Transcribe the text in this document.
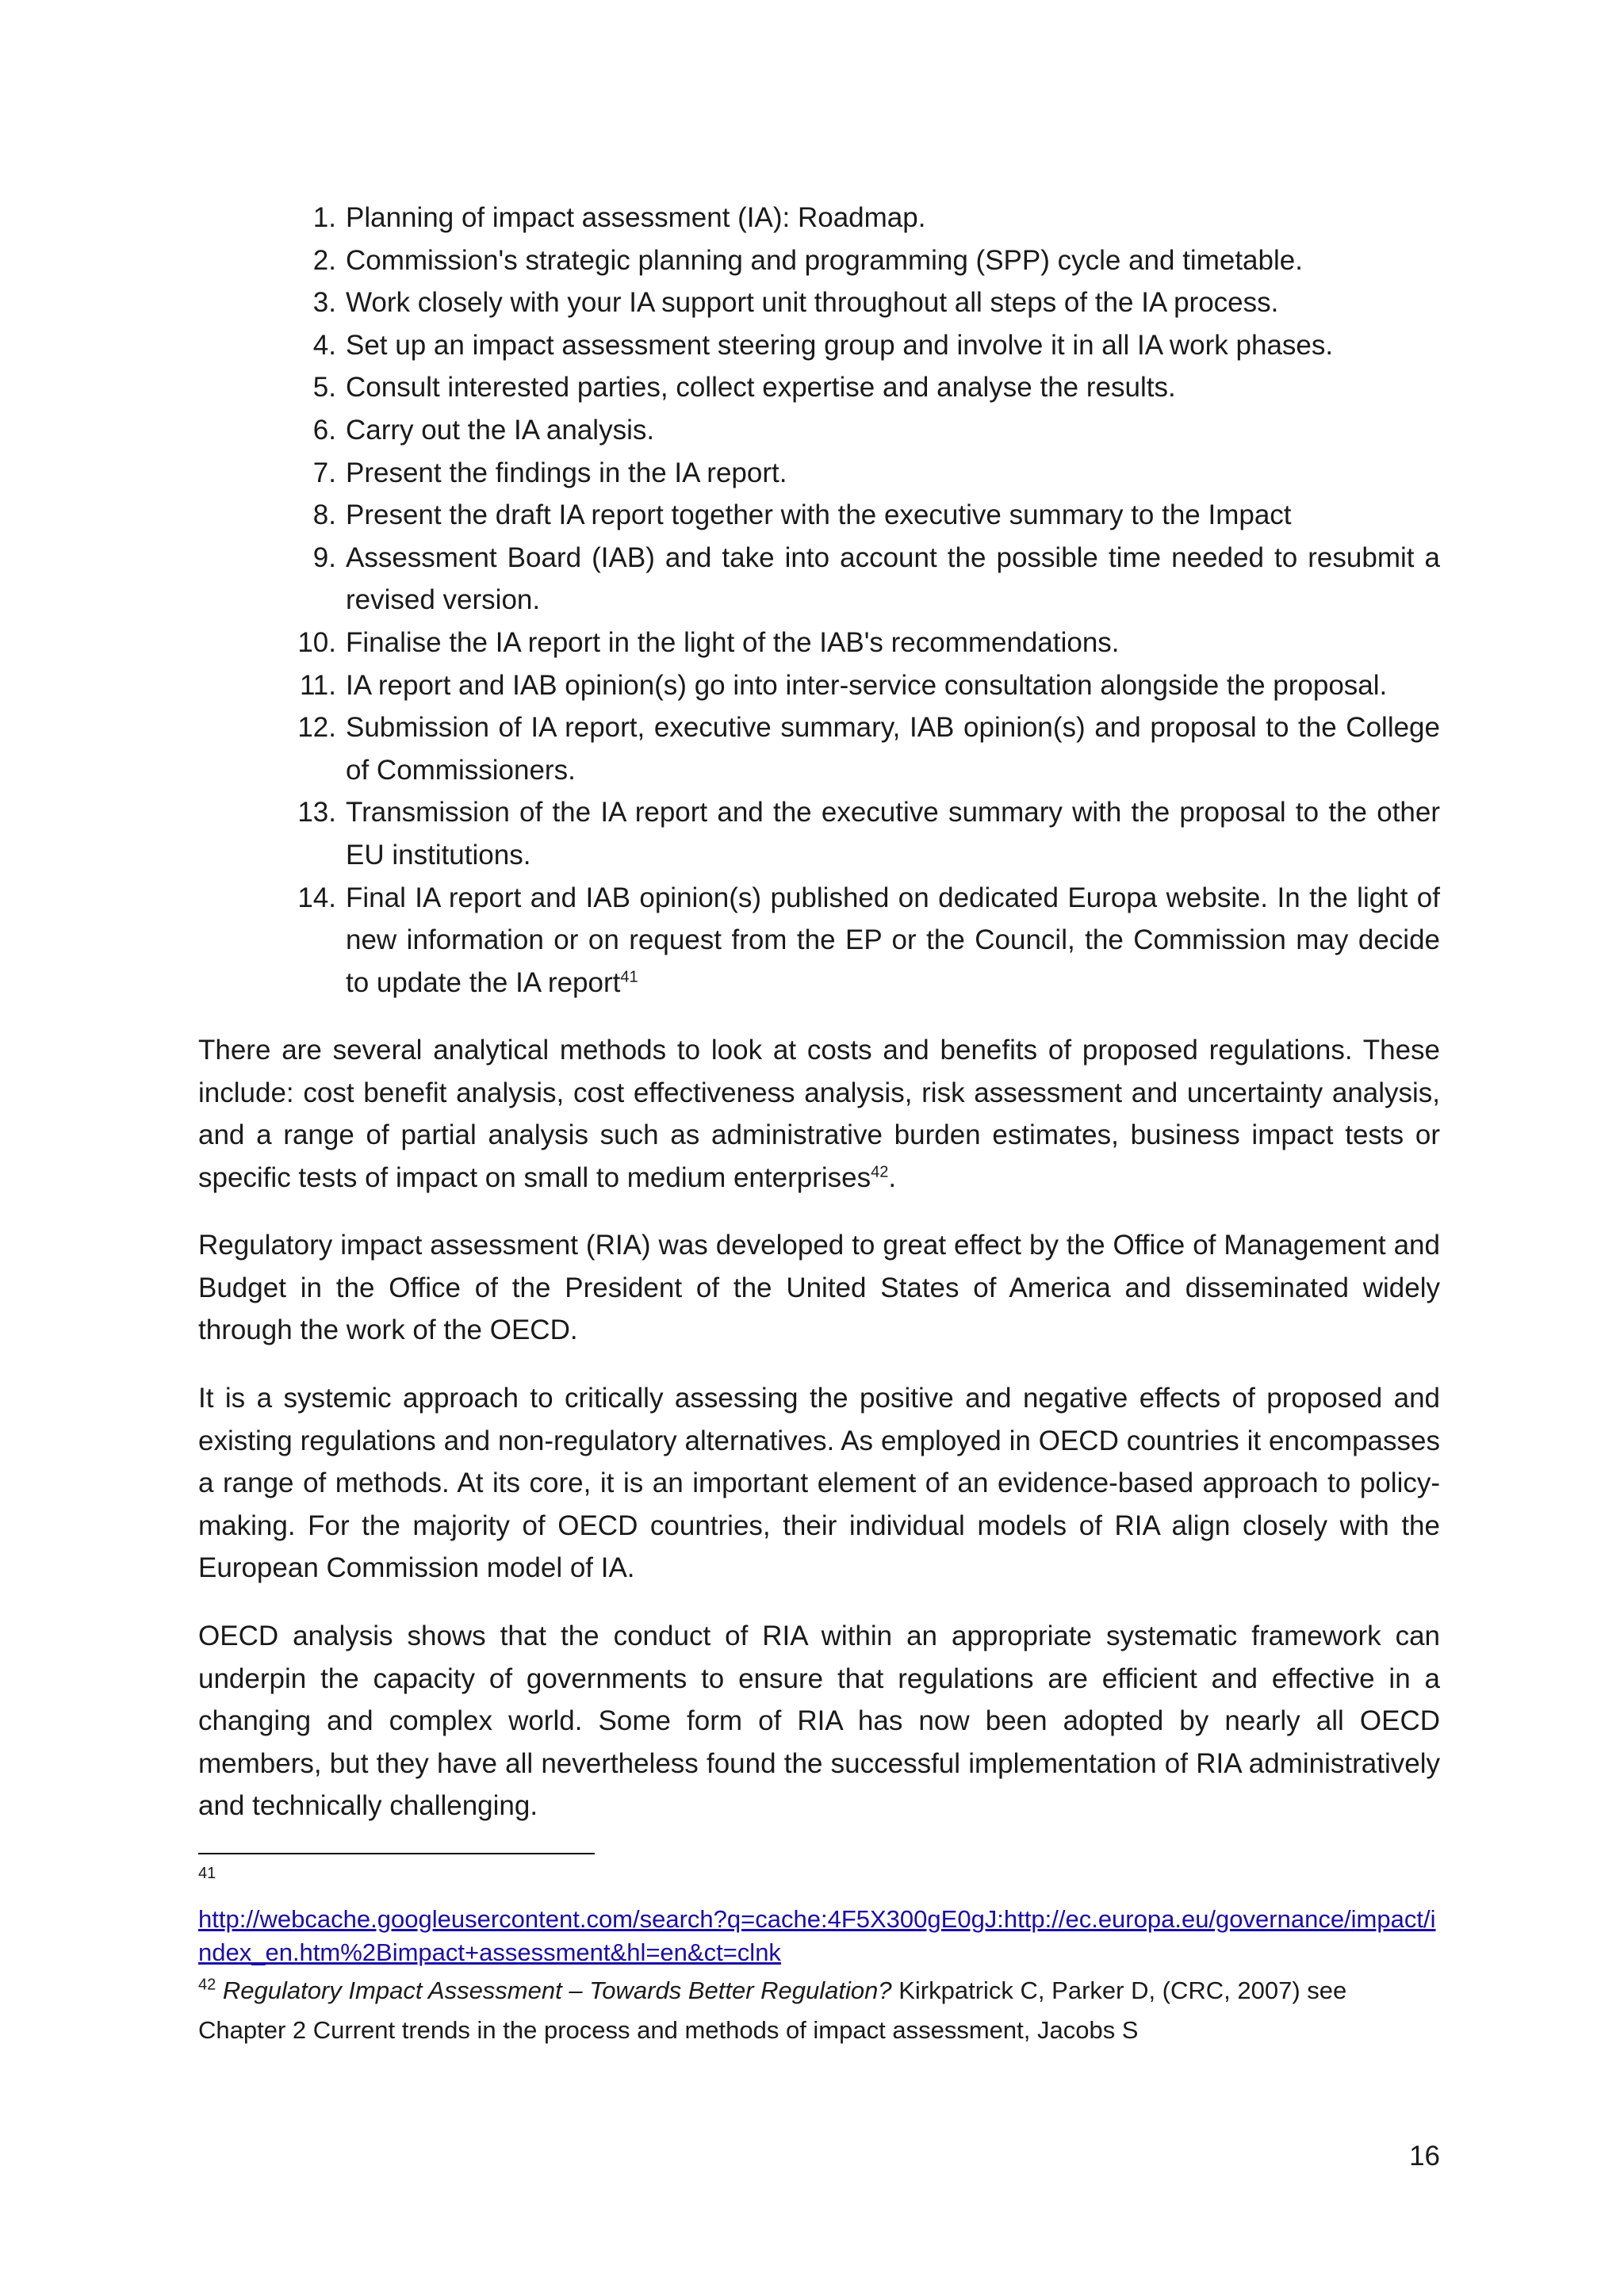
1. Planning of impact assessment (IA): Roadmap.
2. Commission's strategic planning and programming (SPP) cycle and timetable.
3. Work closely with your IA support unit throughout all steps of the IA process.
4. Set up an impact assessment steering group and involve it in all IA work phases.
5. Consult interested parties, collect expertise and analyse the results.
6. Carry out the IA analysis.
7. Present the findings in the IA report.
8. Present the draft IA report together with the executive summary to the Impact
9. Assessment Board (IAB) and take into account the possible time needed to resubmit a revised version.
10. Finalise the IA report in the light of the IAB's recommendations.
11. IA report and IAB opinion(s) go into inter-service consultation alongside the proposal.
12. Submission of IA report, executive summary, IAB opinion(s) and proposal to the College of Commissioners.
13. Transmission of the IA report and the executive summary with the proposal to the other EU institutions.
14. Final IA report and IAB opinion(s) published on dedicated Europa website. In the light of new information or on request from the EP or the Council, the Commission may decide to update the IA report$^{41}$

There are several analytical methods to look at costs and benefits of proposed regulations. These include: cost benefit analysis, cost effectiveness analysis, risk assessment and uncertainty analysis, and a range of partial analysis such as administrative burden estimates, business impact tests or specific tests of impact on small to medium enterprises$^{42}$.

Regulatory impact assessment (RIA) was developed to great effect by the Office of Management and Budget in the Office of the President of the United States of America and disseminated widely through the work of the OECD.

It is a systemic approach to critically assessing the positive and negative effects of proposed and existing regulations and non-regulatory alternatives. As employed in OECD countries it encompasses a range of methods. At its core, it is an important element of an evidence-based approach to policy-making. For the majority of OECD countries, their individual models of RIA align closely with the European Commission model of IA.

OECD analysis shows that the conduct of RIA within an appropriate systematic framework can underpin the capacity of governments to ensure that regulations are efficient and effective in a changing and complex world. Some form of RIA has now been adopted by nearly all OECD members, but they have all nevertheless found the successful implementation of RIA administratively and technically challenging.

41
http://webcache.googleusercontent.com/search?q=cache:4F5X300gE0gJ:http://ec.europa.eu/governance/impact/index_en.htm%2Bimpact+assessment&hl=en&ct=clnk
$^{42}$ Regulatory Impact Assessment – Towards Better Regulation? Kirkpatrick C, Parker D, (CRC, 2007) see Chapter 2 Current trends in the process and methods of impact assessment, Jacobs S
16
